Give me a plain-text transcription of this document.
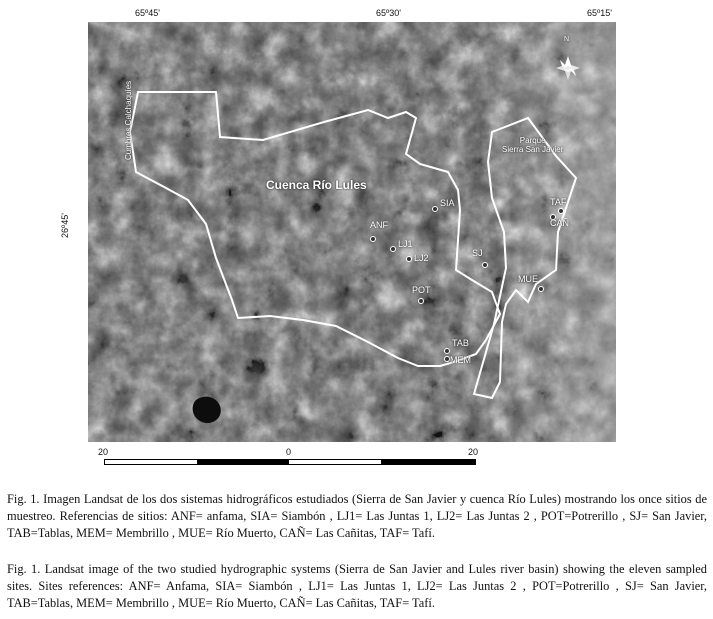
65º45'	65º30'	65º15'
26º45'
Cuenca Río Lules
Cumbres Calchaquíes	Parque
Sierra San Javier
N
ANF
SIA
LJ1
LJ2	SJ
POT
TAB
MEM
TAF
CAÑ
MUE
20	0	20
Fig. 1. Imagen Landsat de los dos sistemas hidrográficos estudiados (Sierra de San Javier y cuenca Río Lules) mostrando los once sitios de muestreo. Referencias de sitios: ANF= anfama, SIA= Siambón , LJ1= Las Juntas 1, LJ2= Las Juntas 2 , POT=Potrerillo , SJ= San Javier, TAB=Tablas, MEM= Membrillo , MUE= Río Muerto, CAÑ= Las Cañitas, TAF= Tafí.
Fig. 1. Landsat image of the two studied hydrographic systems (Sierra de San Javier and Lules river basin) showing the eleven sampled sites. Sites references: ANF= Anfama, SIA= Siambón , LJ1= Las Juntas 1, LJ2= Las Juntas 2 , POT=Potrerillo , SJ= San Javier, TAB=Tablas, MEM= Membrillo , MUE= Río Muerto, CAÑ= Las Cañitas, TAF= Tafí.
